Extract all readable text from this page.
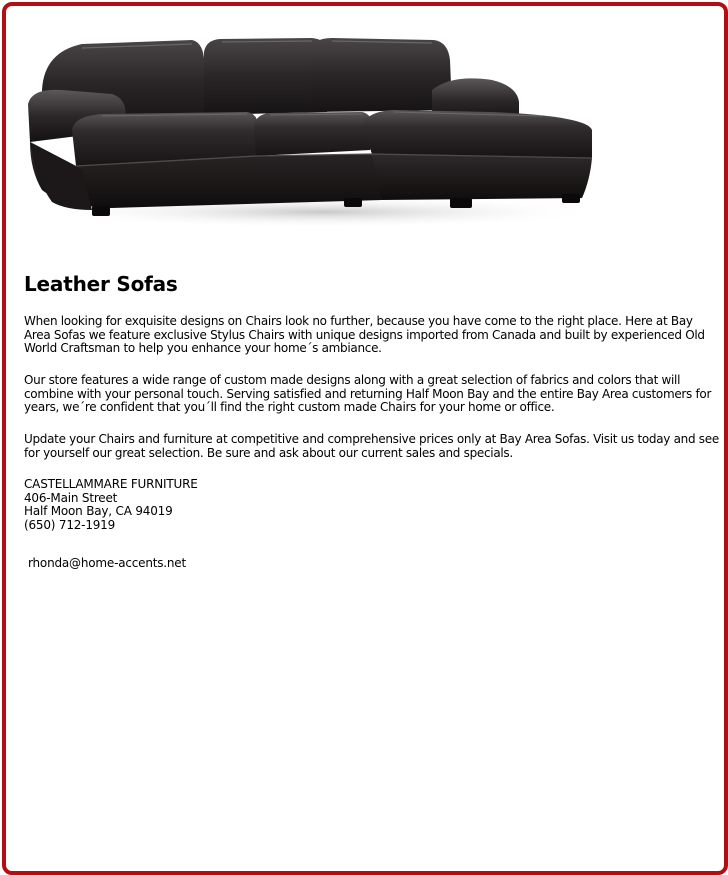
Leather Sofas

When looking for exquisite designs on Chairs look no further, because you have come to the right place. Here at Bay Area Sofas we feature exclusive Stylus Chairs with unique designs imported from Canada and built by experienced Old World Craftsman to help you enhance your home´s ambiance.

Our store features a wide range of custom made designs along with a great selection of fabrics and colors that will combine with your personal touch. Serving satisfied and returning Half Moon Bay and the entire Bay Area customers for years, we´re confident that you´ll find the right custom made Chairs for your home or office.

Update your Chairs and furniture at competitive and comprehensive prices only at Bay Area Sofas. Visit us today and see for yourself our great selection. Be sure and ask about our current sales and specials.

CASTELLAMMARE FURNITURE
406-Main Street
Half Moon Bay, CA 94019
(650) 712-1919
rhonda@home-accents.net
